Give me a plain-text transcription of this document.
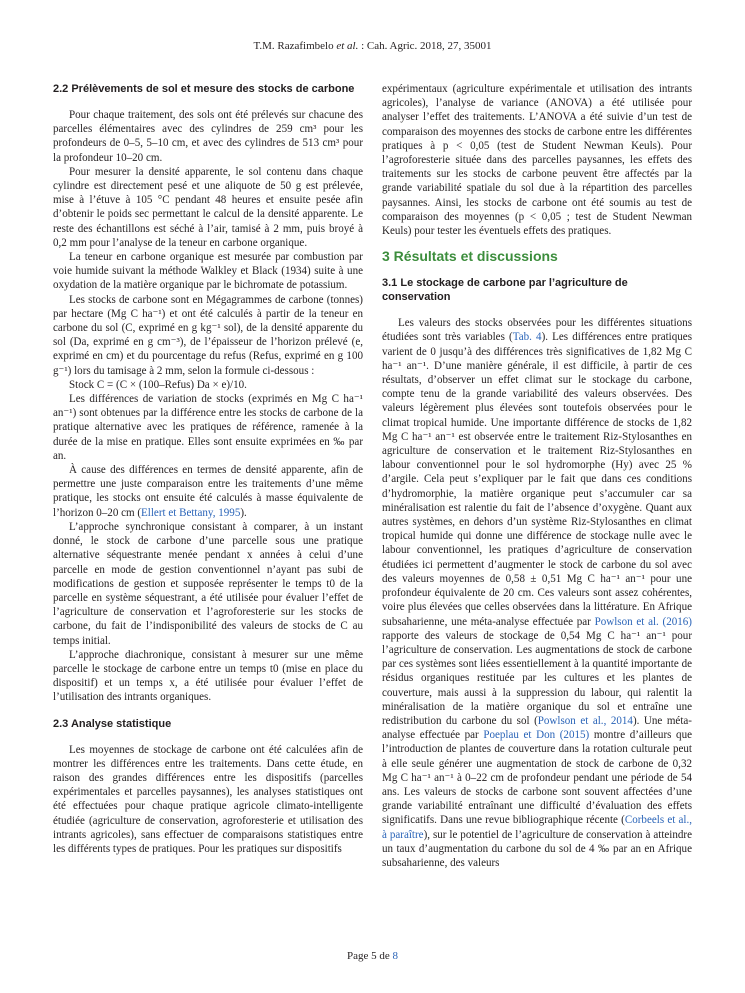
T.M. Razafimbelo et al. : Cah. Agric. 2018, 27, 35001
2.2 Prélèvements de sol et mesure des stocks de carbone

Pour chaque traitement, des sols ont été prélevés sur chacune des parcelles élémentaires avec des cylindres de 259 cm³ pour les profondeurs de 0–5, 5–10 cm, et avec des cylindres de 513 cm³ pour la profondeur 10–20 cm.

Pour mesurer la densité apparente, le sol contenu dans chaque cylindre est directement pesé et une aliquote de 50 g est prélevée, mise à l’étuve à 105 °C pendant 48 heures et ensuite pesée afin d’obtenir le poids sec permettant le calcul de la densité apparente. Le reste des échantillons est séché à l’air, tamisé à 2 mm, puis broyé à 0,2 mm pour l’analyse de la teneur en carbone organique.

La teneur en carbone organique est mesurée par combustion par voie humide suivant la méthode Walkley et Black (1934) suite à une oxydation de la matière organique par le bichromate de potassium.

Les stocks de carbone sont en Mégagrammes de carbone (tonnes) par hectare (Mg C ha⁻¹) et ont été calculés à partir de la teneur en carbone du sol (C, exprimé en g kg⁻¹ sol), de la densité apparente du sol (Da, exprimé en g cm⁻³), de l’épaisseur de l’horizon prélevé (e, exprimé en cm) et du pourcentage du refus (Refus, exprimé en g 100 g⁻¹) lors du tamisage à 2 mm, selon la formule ci-dessous :

Stock C = (C × (100–Refus) Da × e)/10.

Les différences de variation de stocks (exprimés en Mg C ha⁻¹ an⁻¹) sont obtenues par la différence entre les stocks de carbone de la pratique alternative avec les pratiques de référence, ramenée à la durée de la mise en pratique. Elles sont ensuite exprimées en ‰ par an.

À cause des différences en termes de densité apparente, afin de permettre une juste comparaison entre les traitements d’une même pratique, les stocks ont ensuite été calculés à masse équivalente de l’horizon 0–20 cm (Ellert et Bettany, 1995).

L’approche synchronique consistant à comparer, à un instant donné, le stock de carbone d’une parcelle sous une pratique alternative séquestrante menée pendant x années à celui d’une parcelle en mode de gestion conventionnel n’ayant pas subi de modifications de gestion et supposée représenter le temps t0 de la parcelle en système séquestrant, a été utilisée pour évaluer l’effet de l’agriculture de conservation et l’agroforesterie sur les stocks de carbone, du fait de l’indisponibilité des valeurs de stocks de C au temps initial.

L’approche diachronique, consistant à mesurer sur une même parcelle le stockage de carbone entre un temps t0 (mise en place du dispositif) et un temps x, a été utilisée pour évaluer l’effet de l’utilisation des intrants organiques.

2.3 Analyse statistique

Les moyennes de stockage de carbone ont été calculées afin de montrer les différences entre les traitements. Dans cette étude, en raison des grandes différences entre les dispositifs (parcelles expérimentales et parcelles paysannes), les analyses statistiques ont été effectuées pour chaque pratique agricole climato-intelligente étudiée (agriculture de conservation, agroforesterie et utilisation des intrants agricoles), sans effectuer de comparaisons statistiques entre les différents types de pratiques. Pour les pratiques sur dispositifs

expérimentaux (agriculture expérimentale et utilisation des intrants agricoles), l’analyse de variance (ANOVA) a été utilisée pour analyser l’effet des traitements. L’ANOVA a été suivie d’un test de comparaison des moyennes des stocks de carbone entre les différentes pratiques à p < 0,05 (test de Student Newman Keuls). Pour l’agroforesterie située dans des parcelles paysannes, les effets des traitements sur les stocks de carbone peuvent être affectés par la grande variabilité spatiale du sol due à la répartition des parcelles paysannes. Ainsi, les stocks de carbone ont été soumis au test de comparaison des moyennes (p < 0,05 ; test de Student Newman Keuls) pour tester les éventuels effets des pratiques.

3 Résultats et discussions
3.1 Le stockage de carbone par l’agriculture de conservation

Les valeurs des stocks observées pour les différentes situations étudiées sont très variables (Tab. 4). Les différences entre pratiques varient de 0 jusqu’à des différences très significatives de 1,82 Mg C ha⁻¹ an⁻¹. D’une manière générale, il est difficile, à partir de ces résultats, d’observer un effet climat sur le stockage du carbone, compte tenu de la grande variabilité des valeurs observées. Des valeurs légèrement plus élevées sont toutefois observées pour le climat tropical humide. Une importante différence de stocks de 1,82 Mg C ha⁻¹ an⁻¹ est observée entre le traitement Riz-Stylosanthes en agriculture de conservation et le traitement Riz-Stylosanthes en labour conventionnel pour le sol hydromorphe (Hy) avec 25 % d’argile. Cela peut s’expliquer par le fait que dans ces conditions d’hydromorphie, la matière organique peut s’accumuler car sa minéralisation est ralentie du fait de l’absence d’oxygène. Quant aux autres systèmes, en dehors d’un système Riz-Stylosanthes en climat tropical humide qui donne une différence de stockage nulle avec le labour conventionnel, les pratiques d’agriculture de conservation étudiées ici permettent d’augmenter le stock de carbone du sol avec des valeurs moyennes de 0,58 ± 0,51 Mg C ha⁻¹ an⁻¹ pour une profondeur équivalente de 20 cm. Ces valeurs sont assez cohérentes, voire plus élevées que celles observées dans la littérature. En Afrique subsaharienne, une méta-analyse effectuée par Powlson et al. (2016) rapporte des valeurs de stockage de 0,54 Mg C ha⁻¹ an⁻¹ pour l’agriculture de conservation. Les augmentations de stock de carbone par ces systèmes sont liées essentiellement à la quantité importante de résidus organiques restituée par les cultures et les plantes de couverture, mais aussi à la suppression du labour, qui ralentit la minéralisation de la matière organique du sol et entraîne une redistribution du carbone du sol (Powlson et al., 2014). Une méta-analyse effectuée par Poeplau et Don (2015) montre d’ailleurs que l’introduction de plantes de couverture dans la rotation culturale peut à elle seule générer une augmentation de stock de carbone de 0,32 Mg C ha⁻¹ an⁻¹ à 0–22 cm de profondeur pendant une période de 54 ans. Les valeurs de stocks de carbone sont souvent affectées d’une grande variabilité entraînant une difficulté d’évaluation des effets significatifs. Dans une revue bibliographique récente (Corbeels et al., à paraître), sur le potentiel de l’agriculture de conservation à atteindre un taux d’augmentation du carbone du sol de 4 ‰ par an en Afrique subsaharienne, des valeurs

Page 5 de 8
